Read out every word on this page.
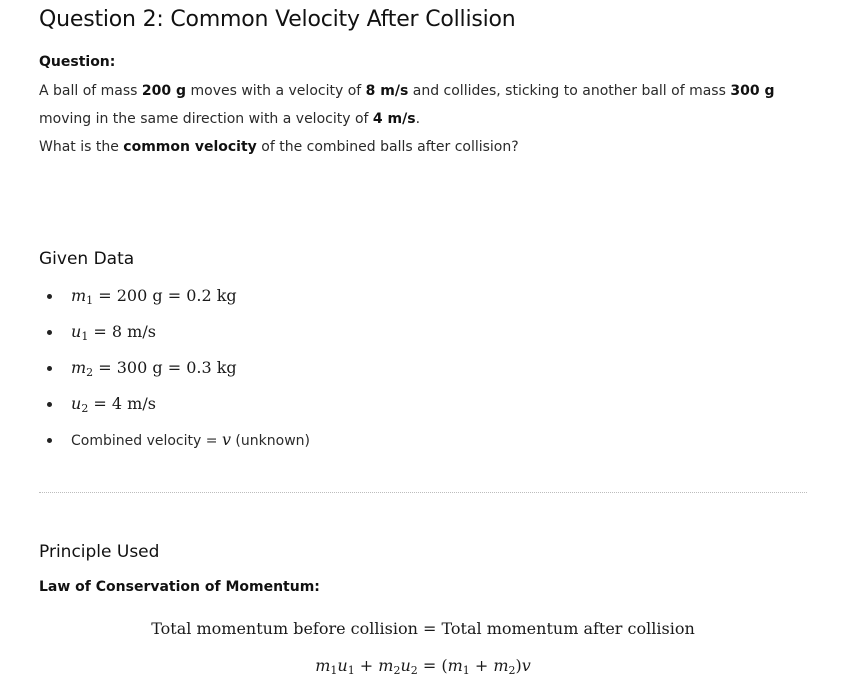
Question 2: Common Velocity After Collision
Question:
A ball of mass 200 g moves with a velocity of 8 m/s and collides, sticking to another ball of mass 300 g
moving in the same direction with a velocity of 4 m/s.
What is the common velocity of the combined balls after collision?
Given Data
$m_1 = 200$ g = 0.2 kg
$u_1 = 8$ m/s
$m_2 = 300$ g = 0.3 kg
$u_2 = 4$ m/s
Combined velocity = v (unknown)
Principle Used
Law of Conservation of Momentum:
Total momentum before collision = Total momentum after collision
$m_1u_1 + m_2u_2 = (m_1 + m_2)v$
